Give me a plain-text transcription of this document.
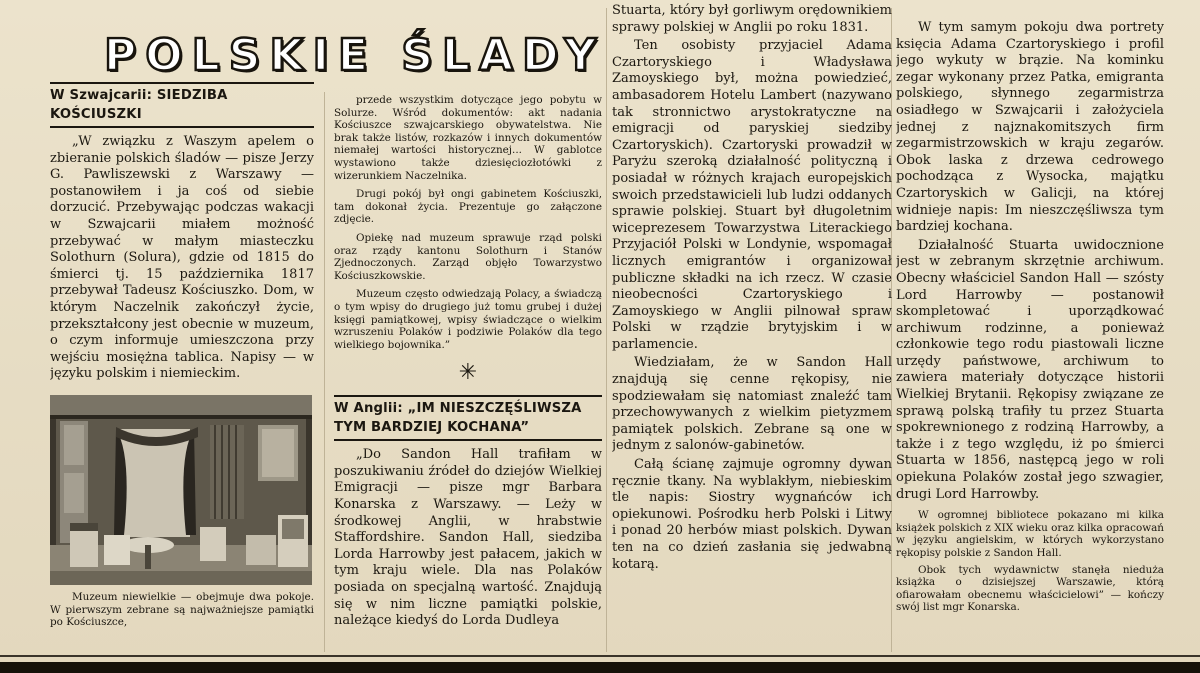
POLSKIE ŚLADY
W Szwajcarii: SIEDZIBA KOŚCIUSZKI

„W związku z Waszym apelem o zbieranie polskich śladów — pisze Jerzy G. Pawliszewski z Warszawy — postanowiłem i ja coś od siebie dorzucić. Przebywając podczas wakacji w Szwajcarii miałem możność przebywać w małym miasteczku Solothurn (Solura), gdzie od 1815 do śmierci tj. 15 października 1817 przebywał Tadeusz Kościuszko. Dom, w którym Naczelnik zakończył życie, przekształcony jest obecnie w muzeum, o czym informuje umieszczona przy wejściu mosiężna tablica. Napisy — w języku polskim i niemieckim.

Muzeum niewielkie — obejmuje dwa pokoje. W pierwszym zebrane są najważniejsze pamiątki po Kościuszce,

przede wszystkim dotyczące jego pobytu w Solurze. Wśród dokumentów: akt nadania Kościuszce szwajcarskiego obywatelstwa. Nie brak także listów, rozkazów i innych dokumentów niemałej wartości historycznej... W gablotce wystawiono także dziesięciozłotówki z wizerunkiem Naczelnika.

Drugi pokój był ongi gabinetem Kościuszki, tam dokonał życia. Prezentuje go załączone zdjęcie.

Opiekę nad muzeum sprawuje rząd polski oraz rządy kantonu Solothurn i Stanów Zjednoczonych. Zarząd objęło Towarzystwo Kościuszkowskie.

Muzeum często odwiedzają Polacy, a świadczą o tym wpisy do drugiego już tomu grubej i dużej księgi pamiątkowej, wpisy świadczące o wielkim wzruszeniu Polaków i podziwie Polaków dla tego wielkiego bojownika.”

✳
W Anglii: „IM NIESZCZĘŚLIWSZA TYM BARDZIEJ KOCHANA”

„Do Sandon Hall trafiłam w poszukiwaniu źródeł do dziejów Wielkiej Emigracji — pisze mgr Barbara Konarska z Warszawy. — Leży w środkowej Anglii, w hrabstwie Staffordshire. Sandon Hall, siedziba Lorda Harrowby jest pałacem, jakich w tym kraju wiele. Dla nas Polaków posiada on specjalną wartość. Znajdują się w nim liczne pamiątki polskie, należące kiedyś do Lorda Dudleya

Stuarta, który był gorliwym orędownikiem sprawy polskiej w Anglii po roku 1831.

Ten osobisty przyjaciel Adama Czartoryskiego i Władysława Zamoyskiego był, można powiedzieć, ambasadorem Hotelu Lambert (nazywano tak stronnictwo arystokratyczne na emigracji od paryskiej siedziby Czartoryskich). Czartoryski prowadził w Paryżu szeroką działalność polityczną i posiadał w różnych krajach europejskich swoich przedstawicieli lub ludzi oddanych sprawie polskiej. Stuart był długoletnim wiceprezesem Towarzystwa Literackiego Przyjaciół Polski w Londynie, wspomagał licznych emigrantów i organizował publiczne składki na ich rzecz. W czasie nieobecności Czartoryskiego i Zamoyskiego w Anglii pilnował spraw Polski w rządzie brytyjskim i w parlamencie.

Wiedziałam, że w Sandon Hall znajdują się cenne rękopisy, nie spodziewałam się natomiast znaleźć tam przechowywanych z wielkim pietyzmem pamiątek polskich. Zebrane są one w jednym z salonów-gabinetów.

Całą ścianę zajmuje ogromny dywan ręcznie tkany. Na wyblakłym, niebieskim tle napis: Siostry wygnańców ich opiekunowi. Pośrodku herb Polski i Litwy i ponad 20 herbów miast polskich. Dywan ten na co dzień zasłania się jedwabną kotarą.

W tym samym pokoju dwa portrety księcia Adama Czartoryskiego i profil jego wykuty w brązie. Na kominku zegar wykonany przez Patka, emigranta polskiego, słynnego zegarmistrza osiadłego w Szwajcarii i założyciela jednej z najznakomitszych firm zegarmistrzowskich w kraju zegarów. Obok laska z drzewa cedrowego pochodząca z Wysocka, majątku Czartoryskich w Galicji, na której widnieje napis: Im nieszczęśliwsza tym bardziej kochana.

Działalność Stuarta uwidocznione jest w zebranym skrzętnie archiwum. Obecny właściciel Sandon Hall — szósty Lord Harrowby — postanowił skompletować i uporządkować archiwum rodzinne, a ponieważ członkowie tego rodu piastowali liczne urzędy państwowe, archiwum to zawiera materiały dotyczące historii Wielkiej Brytanii. Rękopisy związane ze sprawą polską trafiły tu przez Stuarta spokrewnionego z rodziną Harrowby, a także i z tego względu, iż po śmierci Stuarta w 1856, następcą jego w roli opiekuna Polaków został jego szwagier, drugi Lord Harrowby.

W ogromnej bibliotece pokazano mi kilka książek polskich z XIX wieku oraz kilka opracowań w języku angielskim, w których wykorzystano rękopisy polskie z Sandon Hall.

Obok tych wydawnictw stanęła nieduża książka o dzisiejszej Warszawie, którą ofiarowałam obecnemu właścicielowi” — kończy swój list mgr Konarska.
